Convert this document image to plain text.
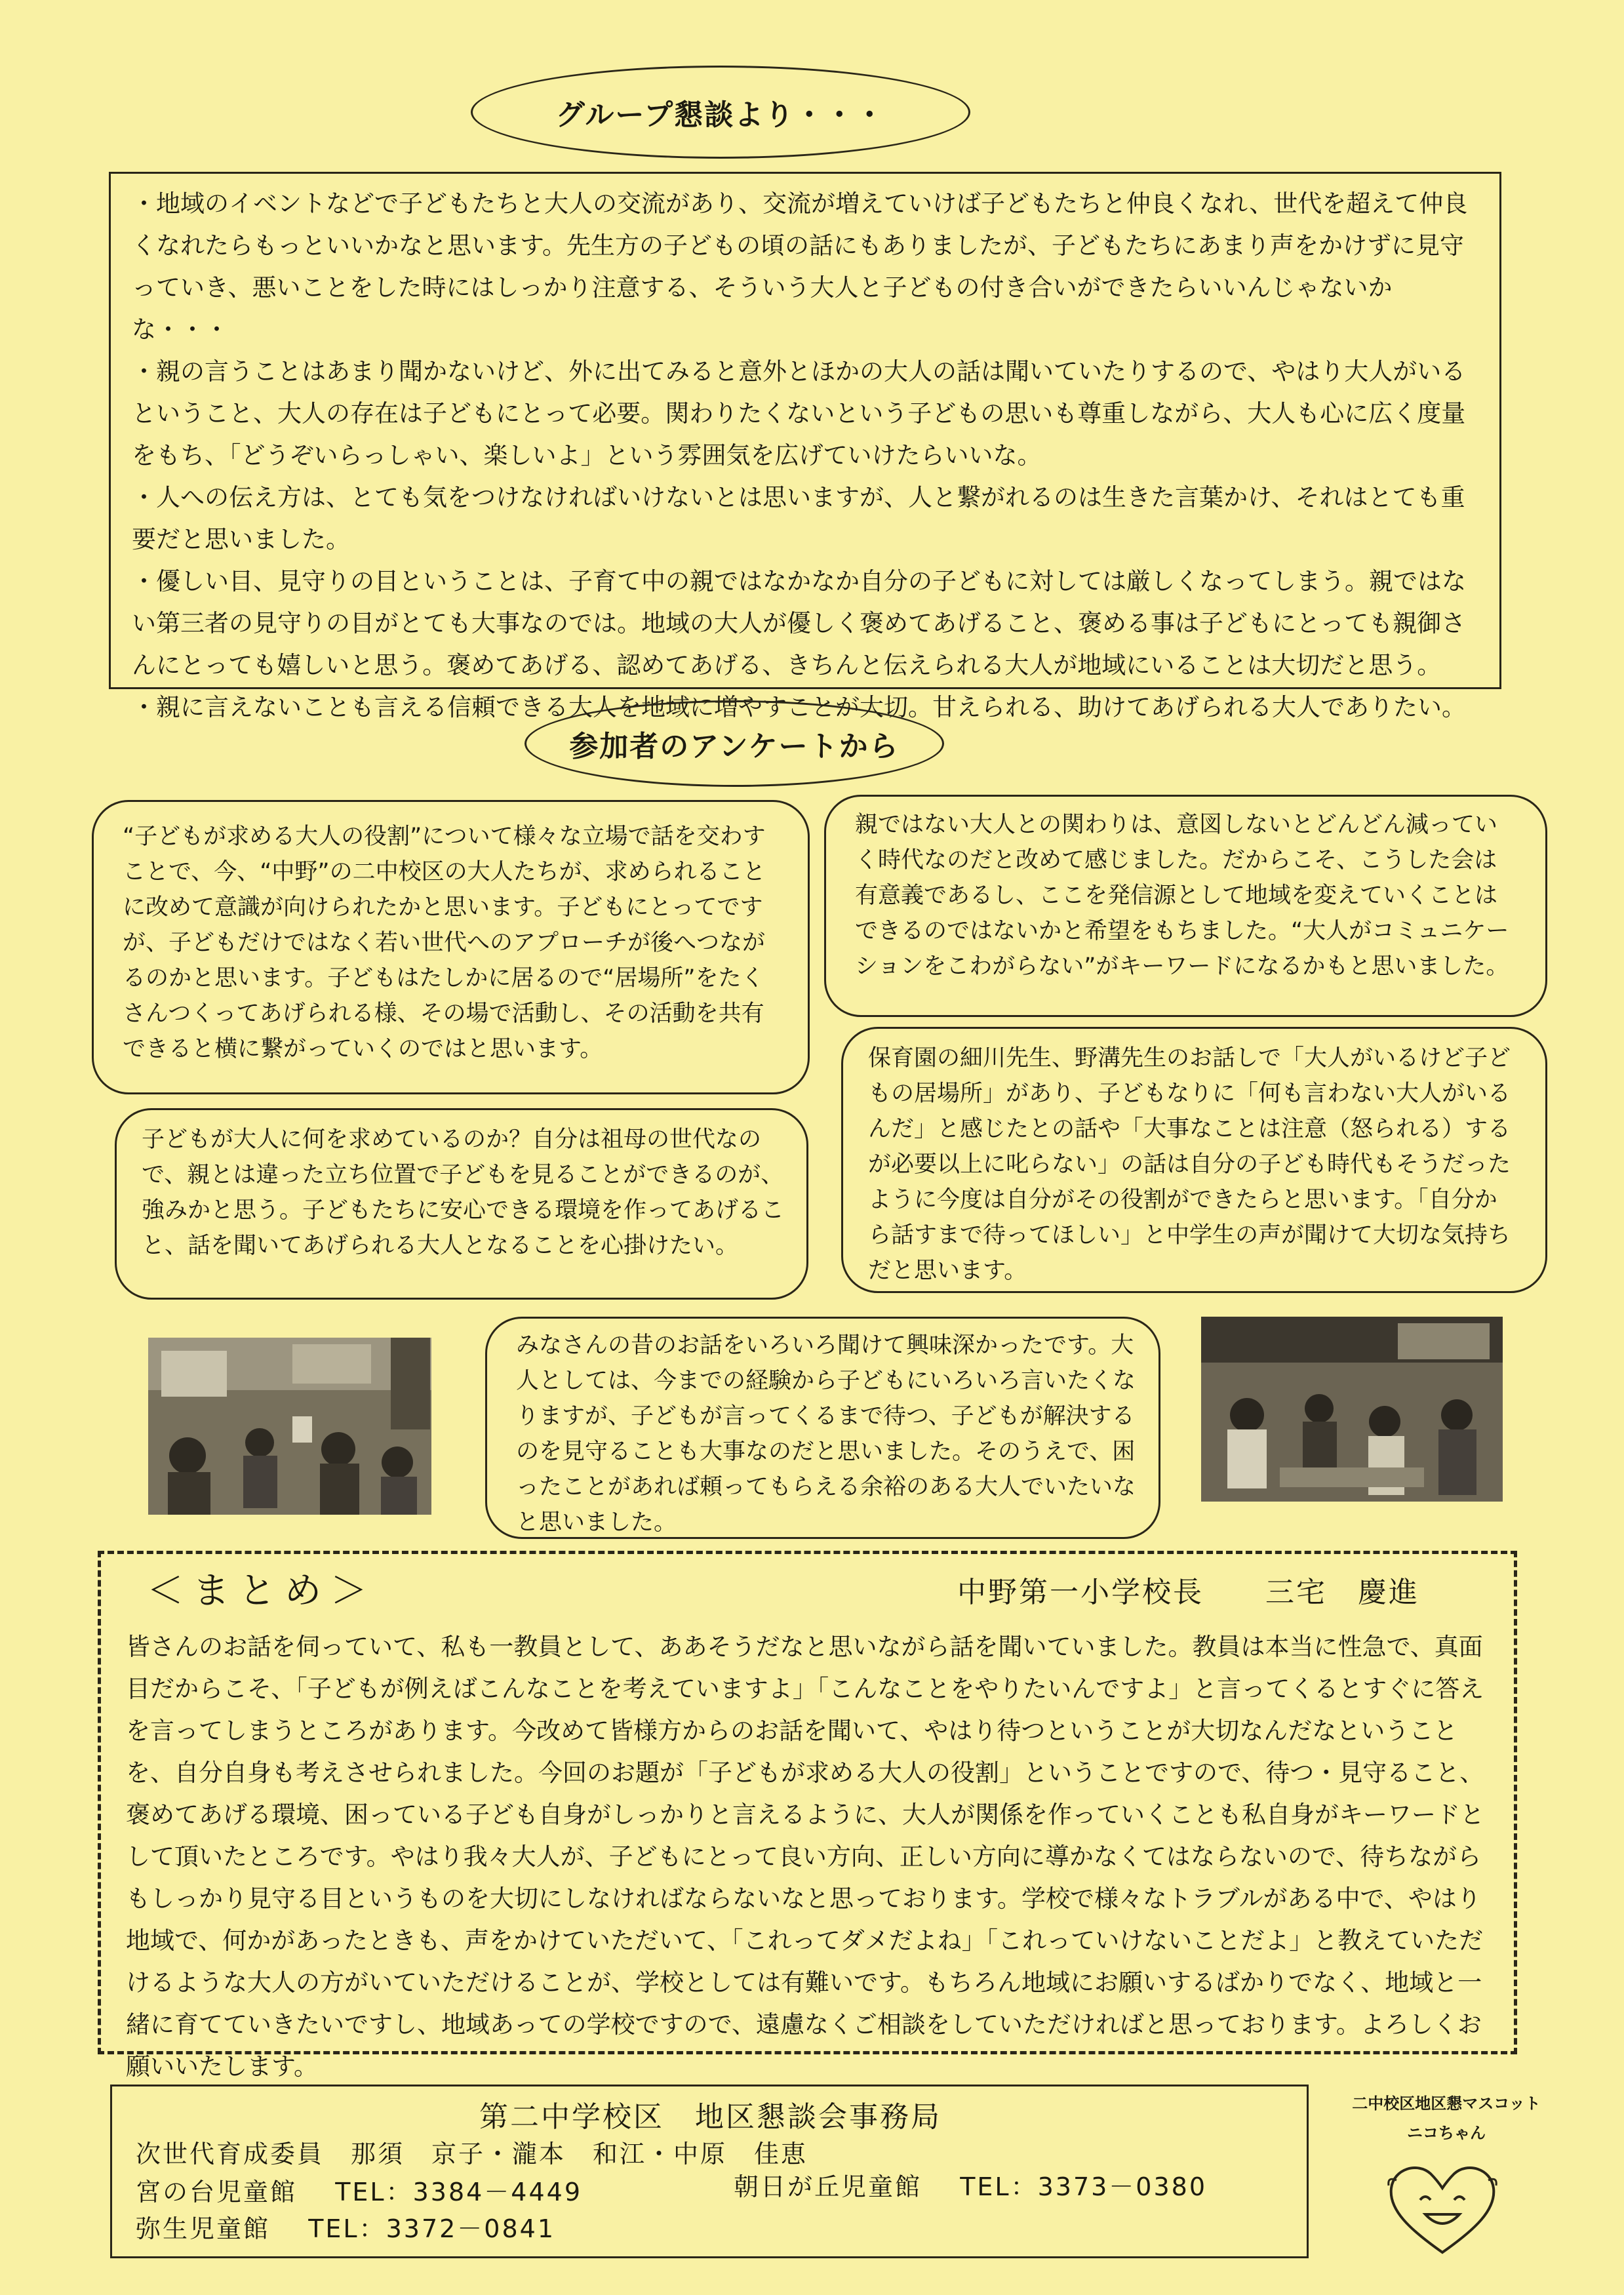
グループ懇談より・・・

・地域のイベントなどで子どもたちと大人の交流があり、交流が増えていけば子どもたちと仲良くなれ、世代を超えて仲良くなれたらもっといいかなと思います。先生方の子どもの頃の話にもありましたが、子どもたちにあまり声をかけずに見守っていき、悪いことをした時にはしっかり注意する、そういう大人と子どもの付き合いができたらいいんじゃないかな・・・

・親の言うことはあまり聞かないけど、外に出てみると意外とほかの大人の話は聞いていたりするので、やはり大人がいるということ、大人の存在は子どもにとって必要。関わりたくないという子どもの思いも尊重しながら、大人も心に広く度量をもち、「どうぞいらっしゃい、楽しいよ」という雰囲気を広げていけたらいいな。

・人への伝え方は、とても気をつけなければいけないとは思いますが、人と繋がれるのは生きた言葉かけ、それはとても重要だと思いました。

・優しい目、見守りの目ということは、子育て中の親ではなかなか自分の子どもに対しては厳しくなってしまう。親ではない第三者の見守りの目がとても大事なのでは。地域の大人が優しく褒めてあげること、褒める事は子どもにとっても親御さんにとっても嬉しいと思う。褒めてあげる、認めてあげる、きちんと伝えられる大人が地域にいることは大切だと思う。

・親に言えないことも言える信頼できる大人を地域に増やすことが大切。甘えられる、助けてあげられる大人でありたい。

参加者のアンケートから

“子どもが求める大人の役割”について様々な立場で話を交わすことで、今、“中野”の二中校区の大人たちが、求められることに改めて意識が向けられたかと思います。子どもにとってですが、子どもだけではなく若い世代へのアプローチが後へつながるのかと思います。子どもはたしかに居るので“居場所”をたくさんつくってあげられる様、その場で活動し、その活動を共有できると横に繋がっていくのではと思います。

親ではない大人との関わりは、意図しないとどんどん減っていく時代なのだと改めて感じました。だからこそ、こうした会は有意義であるし、ここを発信源として地域を変えていくことはできるのではないかと希望をもちました。“大人がコミュニケーションをこわがらない”がキーワードになるかもと思いました。

子どもが大人に何を求めているのか？自分は祖母の世代なので、親とは違った立ち位置で子どもを見ることができるのが、強みかと思う。子どもたちに安心できる環境を作ってあげること、話を聞いてあげられる大人となることを心掛けたい。

保育園の細川先生、野溝先生のお話しで「大人がいるけど子どもの居場所」があり、子どもなりに「何も言わない大人がいるんだ」と感じたとの話や「大事なことは注意（怒られる）するが必要以上に叱らない」の話は自分の子ども時代もそうだったように今度は自分がその役割ができたらと思います。「自分から話すまで待ってほしい」と中学生の声が聞けて大切な気持ちだと思います。

みなさんの昔のお話をいろいろ聞けて興味深かったです。大人としては、今までの経験から子どもにいろいろ言いたくなりますが、子どもが言ってくるまで待つ、子どもが解決するのを見守ることも大事なのだと思いました。そのうえで、困ったことがあれば頼ってもらえる余裕のある大人でいたいなと思いました。

＜まとめ＞	中野第一小学校長　　三宅　慶進

皆さんのお話を伺っていて、私も一教員として、ああそうだなと思いながら話を聞いていました。教員は本当に性急で、真面目だからこそ、「子どもが例えばこんなことを考えていますよ」「こんなことをやりたいんですよ」と言ってくるとすぐに答えを言ってしまうところがあります。今改めて皆様方からのお話を聞いて、やはり待つということが大切なんだなということを、自分自身も考えさせられました。今回のお題が「子どもが求める大人の役割」ということですので、待つ・見守ること、褒めてあげる環境、困っている子ども自身がしっかりと言えるように、大人が関係を作っていくことも私自身がキーワードとして頂いたところです。やはり我々大人が、子どもにとって良い方向、正しい方向に導かなくてはならないので、待ちながらもしっかり見守る目というものを大切にしなければならないなと思っております。学校で様々なトラブルがある中で、やはり地域で、何かがあったときも、声をかけていただいて、「これってダメだよね」「これっていけないことだよ」と教えていただけるような大人の方がいていただけることが、学校としては有難いです。もちろん地域にお願いするばかりでなく、地域と一緒に育てていきたいですし、地域あっての学校ですので、遠慮なくご相談をしていただければと思っております。よろしくお願いいたします。

第二中学校区　地区懇談会事務局
次世代育成委員　那須　京子・瀧本　和江・中原　佳恵
宮の台児童館 TEL：3384－4449	朝日が丘児童館 TEL：3373－0380
弥生児童館 TEL：3372－0841
二中校区地区懇マスコット
ニコちゃん
